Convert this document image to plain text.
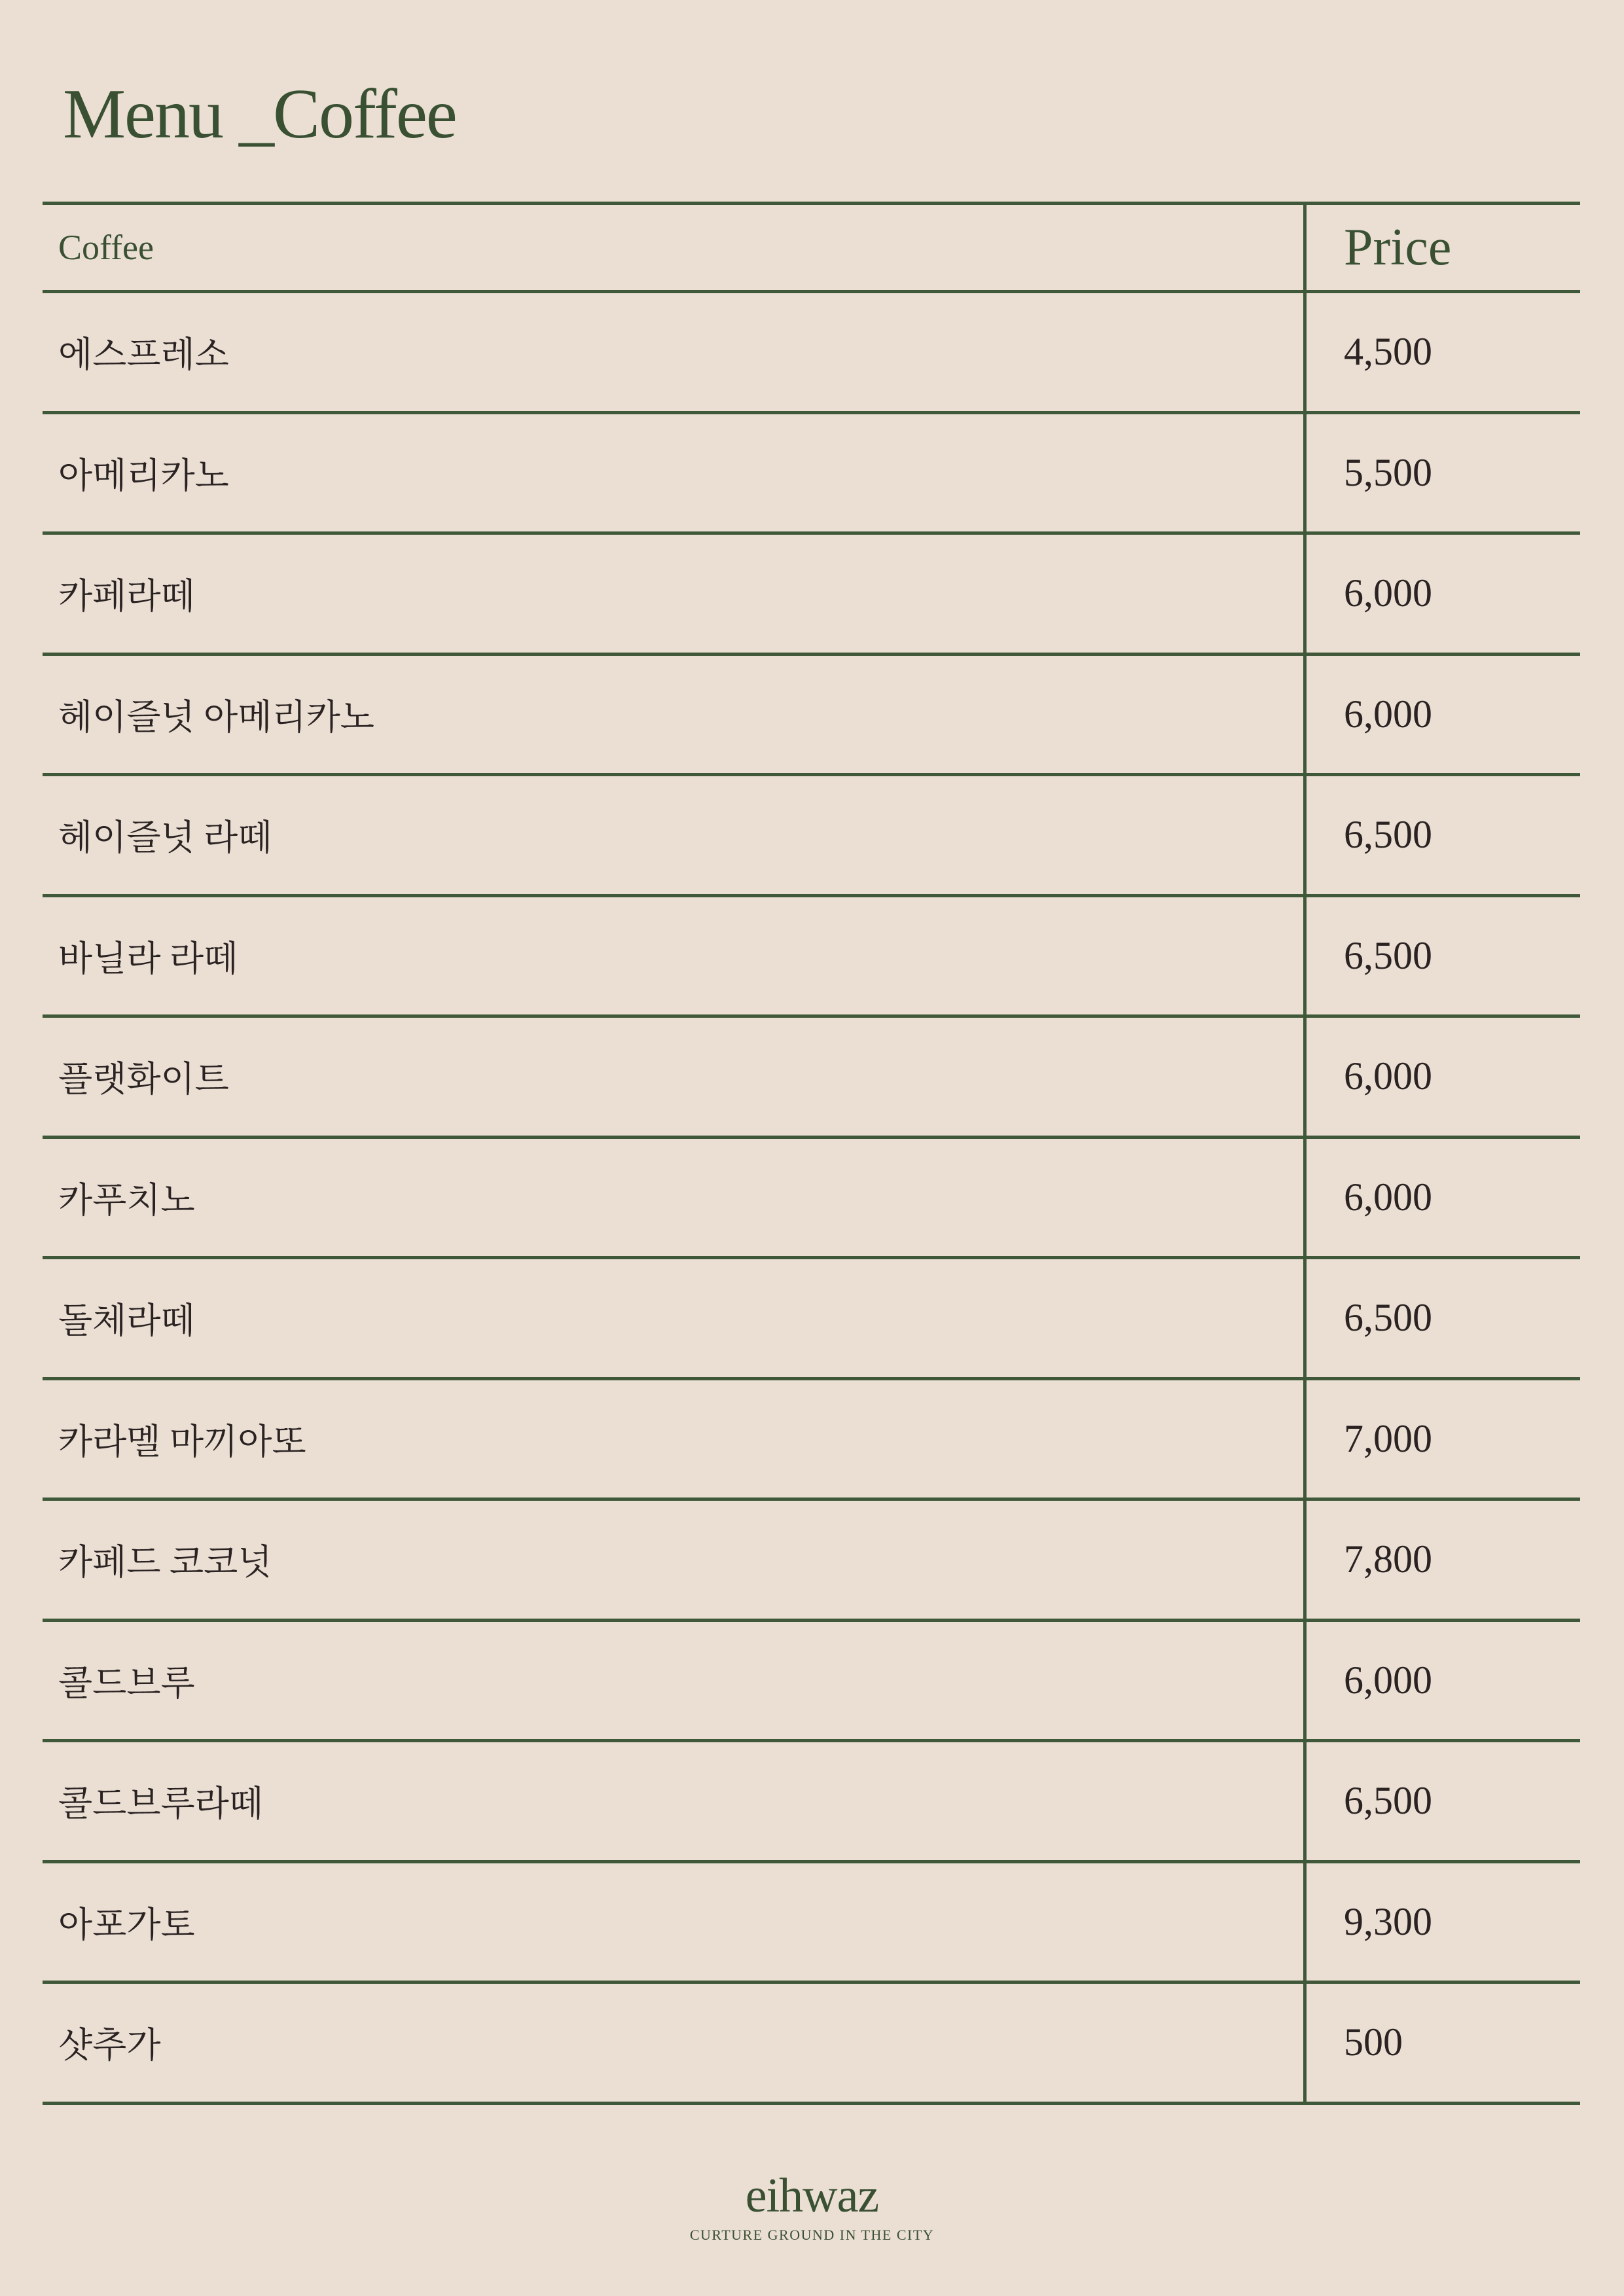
Menu _Coffee
Coffee	Price
에스프레소	4,500
아메리카노	5,500
카페라떼	6,000
헤이즐넛 아메리카노	6,000
헤이즐넛 라떼	6,500
바닐라 라떼	6,500
플랫화이트	6,000
카푸치노	6,000
돌체라떼	6,500
카라멜 마끼아또	7,000
카페드 코코넛	7,800
콜드브루	6,000
콜드브루라떼	6,500
아포가토	9,300
샷추가	500
eihwaz
CURTURE GROUND IN THE CITY
